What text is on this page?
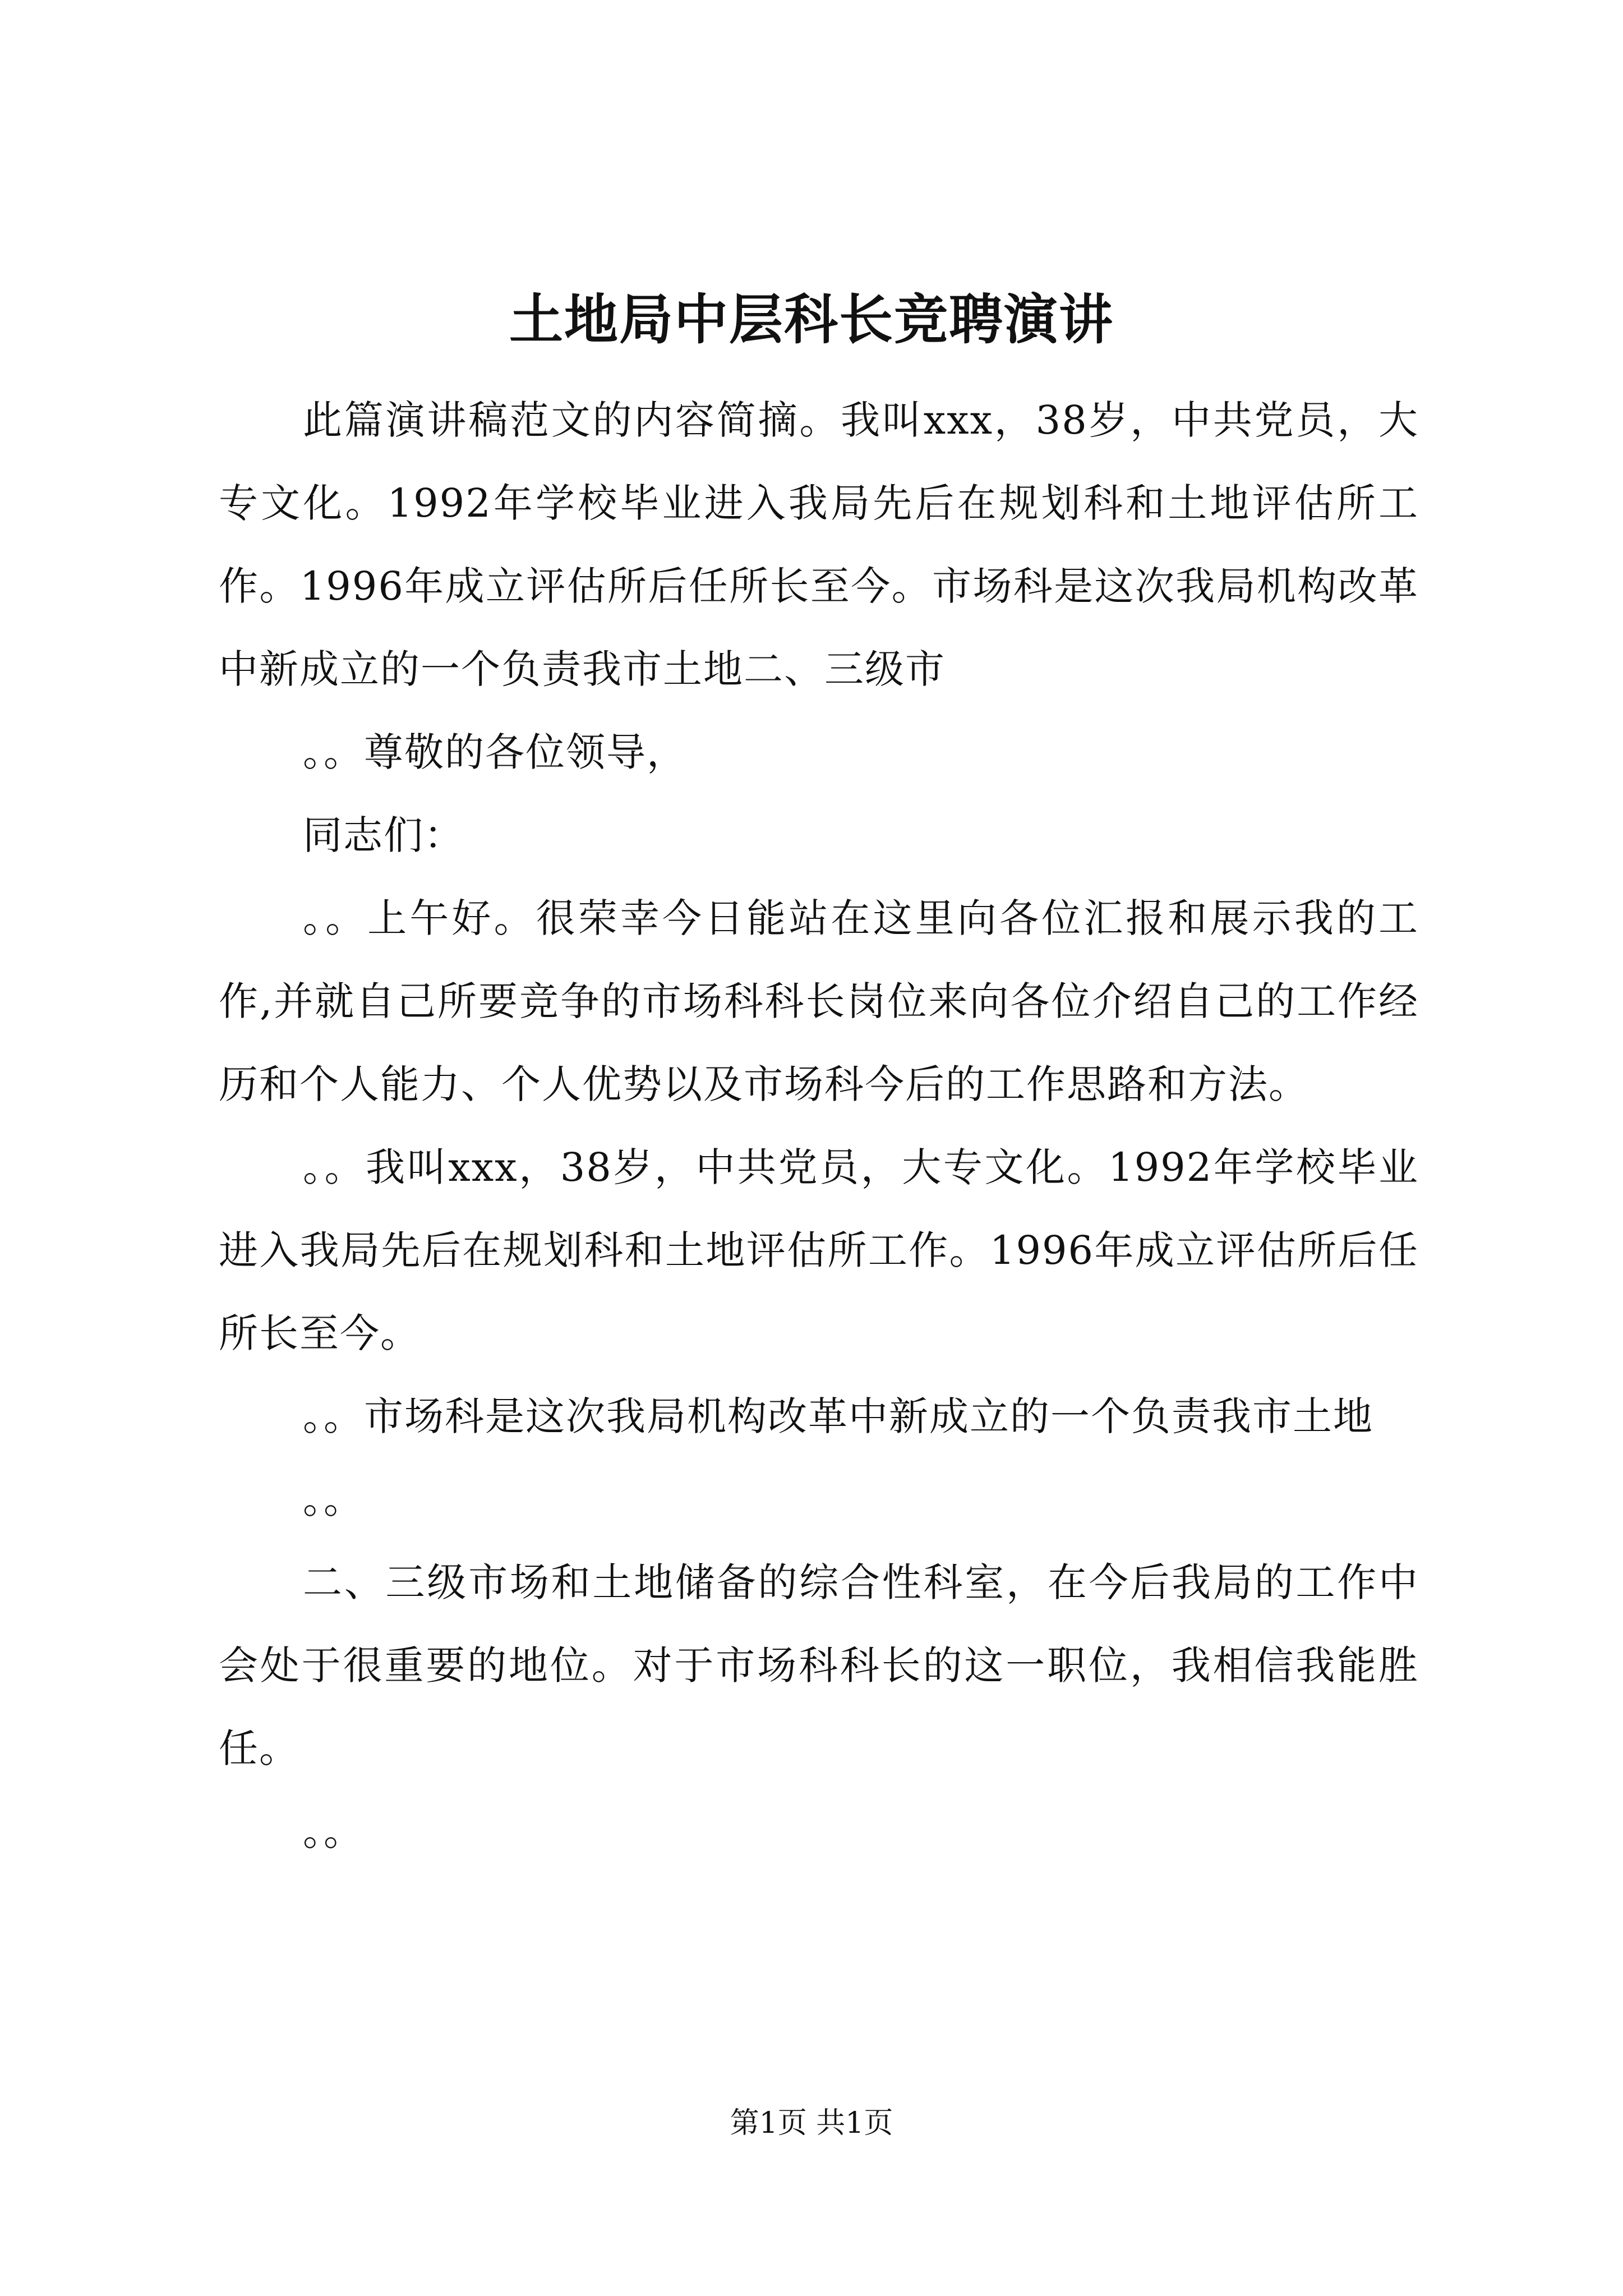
土地局中层科长竞聘演讲

此篇演讲稿范文的内容简摘。我叫xxx，38岁，中共党员，大专文化。1992年学校毕业进入我局先后在规划科和土地评估所工作。1996年成立评估所后任所长至今。市场科是这次我局机构改革中新成立的一个负责我市土地二、三级市

。。尊敬的各位领导，

同志们：

。。上午好。很荣幸今日能站在这里向各位汇报和展示我的工作,并就自己所要竞争的市场科科长岗位来向各位介绍自己的工作经历和个人能力、个人优势以及市场科今后的工作思路和方法。

。。我叫xxx，38岁，中共党员，大专文化。1992年学校毕业进入我局先后在规划科和土地评估所工作。1996年成立评估所后任所长至今。

。。市场科是这次我局机构改革中新成立的一个负责我市土地

。。

二、三级市场和土地储备的综合性科室，在今后我局的工作中会处于很重要的地位。对于市场科科长的这一职位，我相信我能胜任。

。。

第1页 共1页
